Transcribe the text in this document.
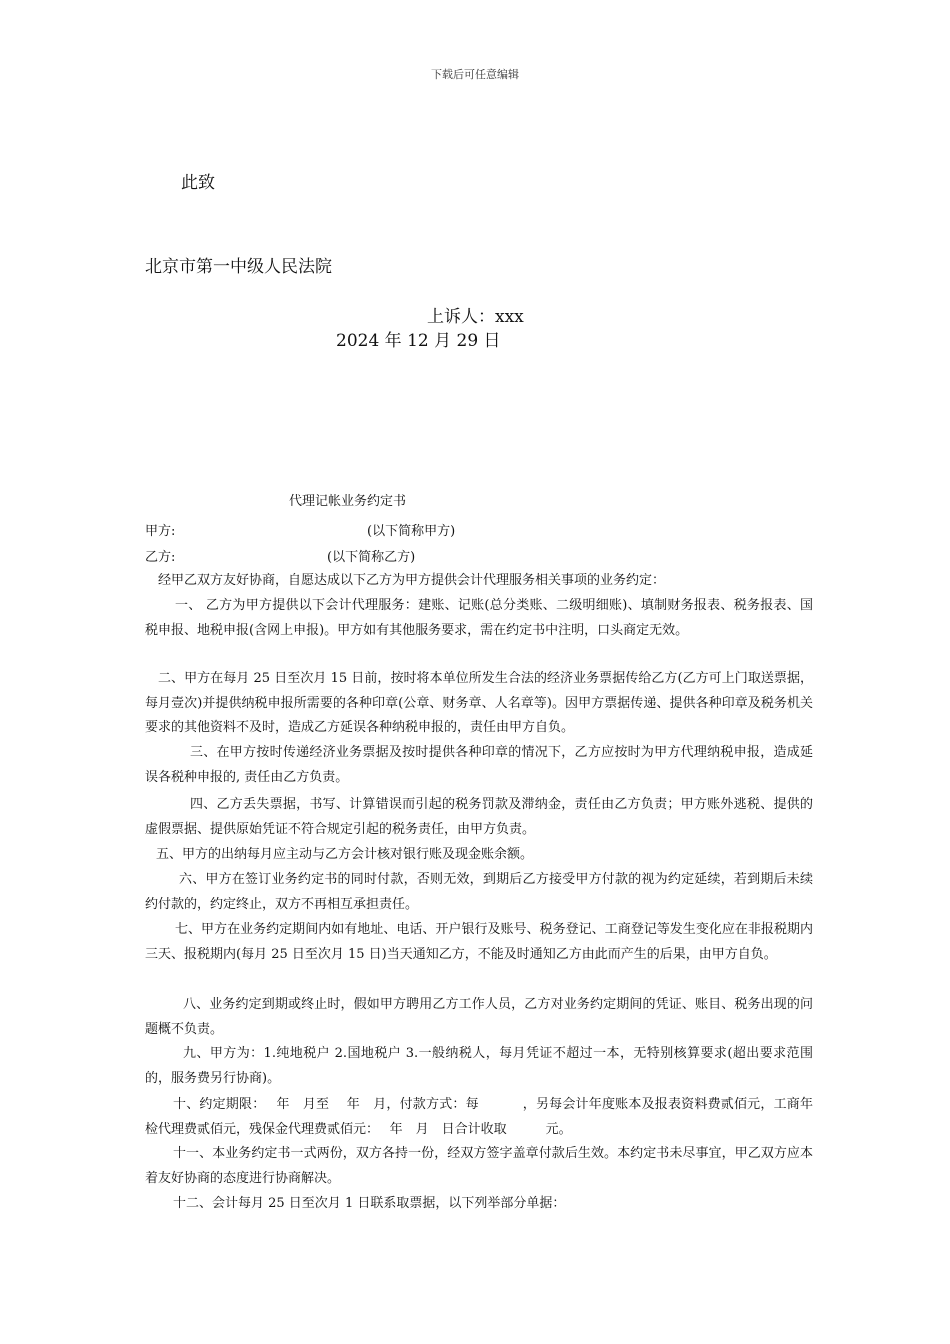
下载后可任意编辑
此致
北京市第一中级人民法院
上诉人：xxx
2024 年 12 月 29 日
代理记帐业务约定书
甲方:	(以下简称甲方)
乙方:	(以下简称乙方)
经甲乙双方友好协商，自愿达成以下乙方为甲方提供会计代理服务相关事项的业务约定：
一、 乙方为甲方提供以下会计代理服务：建账、记账(总分类账、二级明细账)、填制财务报表、税务报表、国税申报、地税申报(含网上申报)。甲方如有其他服务要求，需在约定书中注明，口头商定无效。
二、甲方在每月 25 日至次月 15 日前，按时将本单位所发生合法的经济业务票据传给乙方(乙方可上门取送票据，每月壹次)并提供纳税申报所需要的各种印章(公章、财务章、人名章等)。因甲方票据传递、提供各种印章及税务机关要求的其他资料不及时，造成乙方延误各种纳税申报的，责任由甲方自负。
三、在甲方按时传递经济业务票据及按时提供各种印章的情况下，乙方应按时为甲方代理纳税申报，造成延误各税种申报的, 责任由乙方负责。
四、乙方丢失票据，书写、计算错误而引起的税务罚款及滞纳金，责任由乙方负责；甲方账外逃税、提供的虚假票据、提供原始凭证不符合规定引起的税务责任，由甲方负责。
五、甲方的出纳每月应主动与乙方会计核对银行账及现金账余额。
六、甲方在签订业务约定书的同时付款，否则无效，到期后乙方接受甲方付款的视为约定延续，若到期后未续约付款的，约定终止，双方不再相互承担责任。
七、甲方在业务约定期间内如有地址、电话、开户银行及账号、税务登记、工商登记等发生变化应在非报税期内三天、报税期内(每月 25 日至次月 15 日)当天通知乙方，不能及时通知乙方由此而产生的后果，由甲方自负。
八、业务约定到期或终止时，假如甲方聘用乙方工作人员，乙方对业务约定期间的凭证、账目、税务出现的问题概不负责。
九、甲方为：1.纯地税户 2.国地税户 3.一般纳税人，每月凭证不超过一本，无特别核算要求(超出要求范围的，服务费另行协商)。
十、约定期限：　 年　月至　 年　月，付款方式：每　　　 ，另每会计年度账本及报表资料费贰佰元，工商年检代理费贰佰元，残保金代理费贰佰元：　 年　月　日合计收取　　　元。
十一、本业务约定书一式两份，双方各持一份，经双方签字盖章付款后生效。本约定书未尽事宜，甲乙双方应本着友好协商的态度进行协商解决。
十二、会计每月 25 日至次月 1 日联系取票据，以下列举部分单据：
